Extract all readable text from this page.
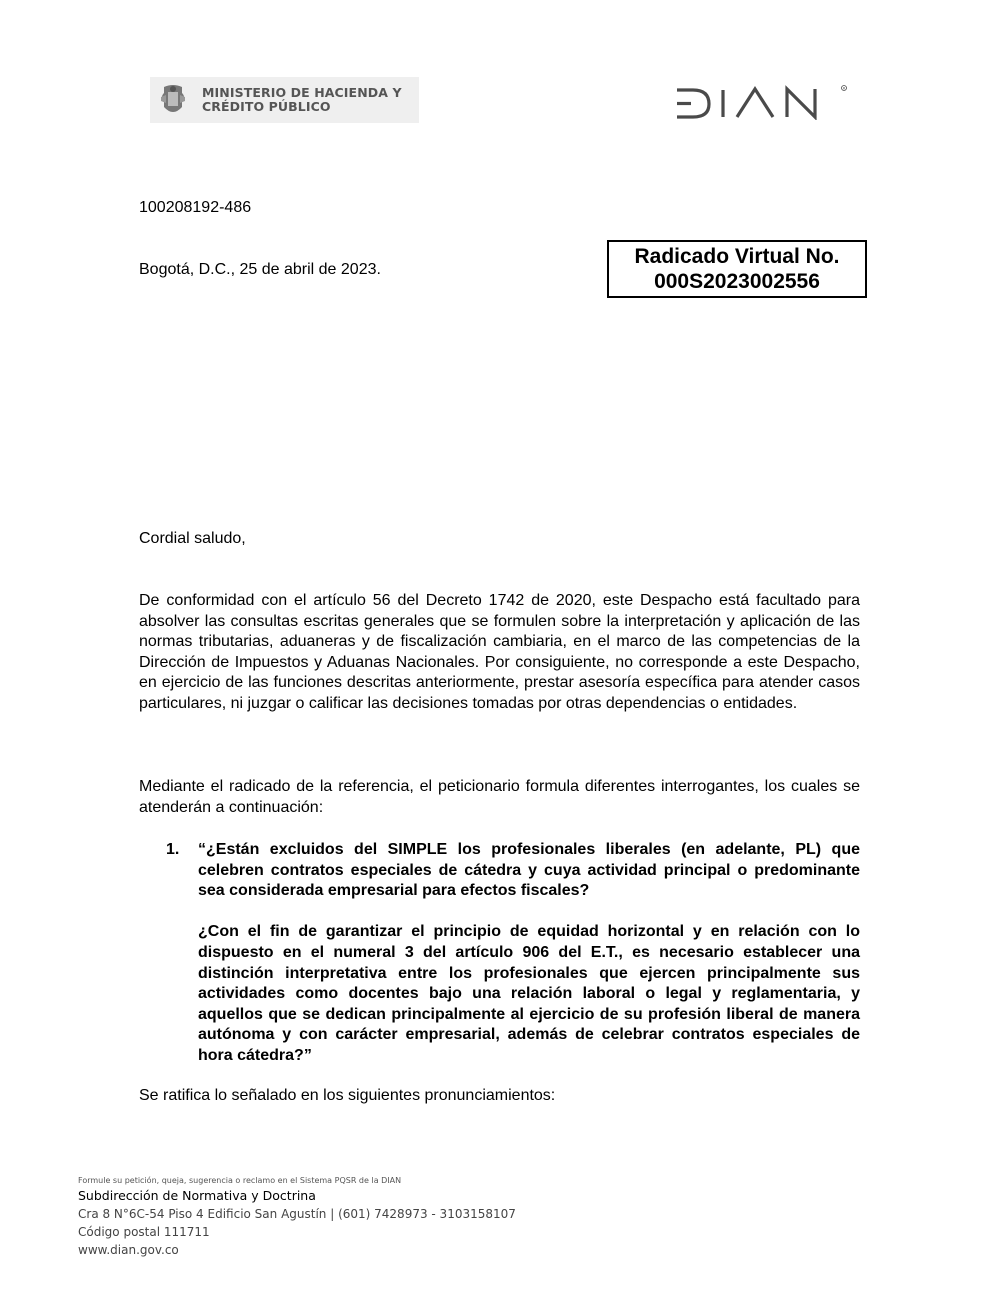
MINISTERIO DE HACIENDA Y
CRÉDITO PÚBLICO
R
100208192-486
Bogotá, D.C., 25 de abril de 2023.
Radicado Virtual No.
000S2023002556
Cordial saludo,
De conformidad con el artículo 56 del Decreto 1742 de 2020, este Despacho está facultado para absolver las consultas escritas generales que se formulen sobre la interpretación y aplicación de las normas tributarias, aduaneras y de fiscalización cambiaria, en el marco de las competencias de la Dirección de Impuestos y Aduanas Nacionales. Por consiguiente, no corresponde a este Despacho, en ejercicio de las funciones descritas anteriormente, prestar asesoría específica para atender casos particulares, ni juzgar o calificar las decisiones tomadas por otras dependencias o entidades.
Mediante el radicado de la referencia, el peticionario formula diferentes interrogantes, los cuales se atenderán a continuación:
1. “¿Están excluidos del SIMPLE los profesionales liberales (en adelante, PL) que celebren contratos especiales de cátedra y cuya actividad principal o predominante sea considerada empresarial para efectos fiscales?

¿Con el fin de garantizar el principio de equidad horizontal y en relación con lo dispuesto en el numeral 3 del artículo 906 del E.T., es necesario establecer una distinción interpretativa entre los profesionales que ejercen principalmente sus actividades como docentes bajo una relación laboral o legal y reglamentaria, y aquellos que se dedican principalmente al ejercicio de su profesión liberal de manera autónoma y con carácter empresarial, además de celebrar contratos especiales de hora cátedra?”

Se ratifica lo señalado en los siguientes pronunciamientos:
Formule su petición, queja, sugerencia o reclamo en el Sistema PQSR de la DIAN
Subdirección de Normativa y Doctrina
Cra 8 N°6C-54 Piso 4 Edificio San Agustín | (601) 7428973 - 3103158107
Código postal 111711
www.dian.gov.co
